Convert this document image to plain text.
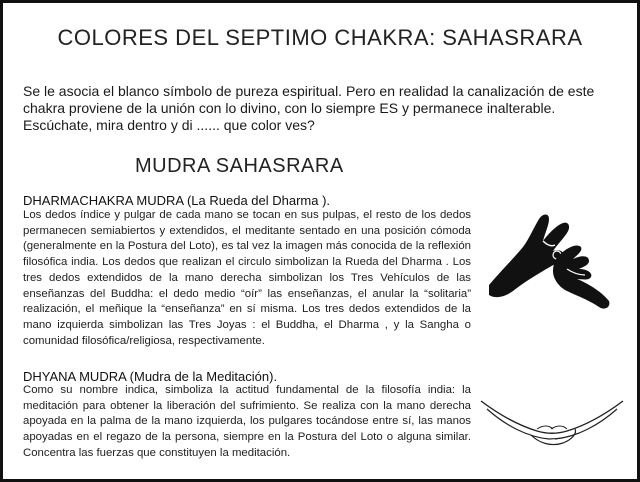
COLORES DEL SEPTIMO CHAKRA: SAHASRARA

Se le asocia el blanco símbolo de pureza espiritual. Pero en realidad la canalización de este chakra proviene de la unión con lo divino, con lo siempre ES y permanece inalterable. Escúchate, mira dentro y di ...... que color ves?

MUDRA SAHASRARA
DHARMACHAKRA MUDRA (La Rueda del Dharma ).
Los dedos índice y pulgar de cada mano se tocan en sus pulpas, el resto de los dedos permanecen semiabiertos y extendidos, el meditante sentado en una posición cómoda (generalmente en la Postura del Loto), es tal vez la imagen más conocida de la reflexión filosófica india. Los dedos que realizan el circulo simbolizan la Rueda del Dharma . Los tres dedos extendidos de la mano derecha simbolizan los Tres Vehículos de las enseñanzas del Buddha: el dedo medio “oír” las enseñanzas, el anular la “solitaria” realización, el meñique la “enseñanza” en sí misma. Los tres dedos extendidos de la mano izquierda simbolizan las Tres Joyas : el Buddha, el Dharma , y la Sangha o comunidad filosófica/religiosa, respectivamente.
DHYANA MUDRA (Mudra de la Meditación).
Como su nombre indica, simboliza la actitud fundamental de la filosofía india: la meditación para obtener la liberación del sufrimiento. Se realiza con la mano derecha apoyada en la palma de la mano izquierda, los pulgares tocándose entre sí, las manos apoyadas en el regazo de la persona, siempre en la Postura del Loto o alguna similar. Concentra las fuerzas que constituyen la meditación.
